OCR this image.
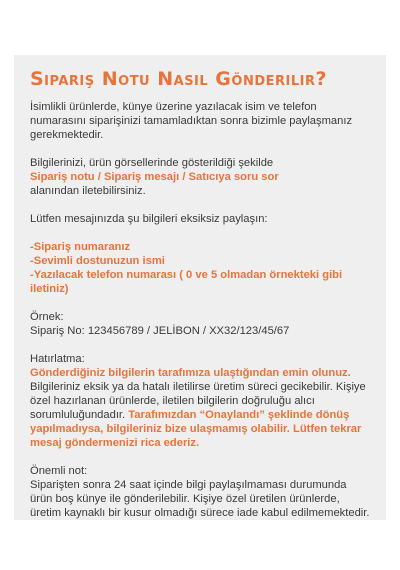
Sipariş Notu Nasıl Gönderilir?

İsimlikli ürünlerde, künye üzerine yazılacak isim ve telefon numarasını siparişinizi tamamladıktan sonra bizimle paylaşmanız gerekmektedir.

Bilgilerinizi, ürün görsellerinde gösterildiği şekilde

Sipariş notu / Sipariş mesajı / Satıcıya soru sor

alanından iletebilirsiniz.

Lütfen mesajınızda şu bilgileri eksiksiz paylaşın:

-Sipariş numaranız

-Sevimli dostunuzun ismi

-Yazılacak telefon numarası ( 0 ve 5 olmadan örnekteki gibi iletiniz)

Örnek:

Sipariş No: 123456789 / JELİBON / XX32/123/45/67

Hatırlatma:

Gönderdiğiniz bilgilerin tarafımıza ulaştığından emin olunuz. Bilgileriniz eksik ya da hatalı iletilirse üretim süreci gecikebilir. Kişiye özel hazırlanan ürünlerde, iletilen bilgilerin doğruluğu alıcı sorumluluğundadır. Tarafımızdan “Onaylandı” şeklinde dönüş yapılmadıysa, bilgileriniz bize ulaşmamış olabilir. Lütfen tekrar mesaj göndermenizi rica ederiz.

Önemli not:

Siparişten sonra 24 saat içinde bilgi paylaşılmaması durumunda ürün boş künye ile gönderilebilir. Kişiye özel üretilen ürünlerde, üretim kaynaklı bir kusur olmadığı sürece iade kabul edilmemektedir.
